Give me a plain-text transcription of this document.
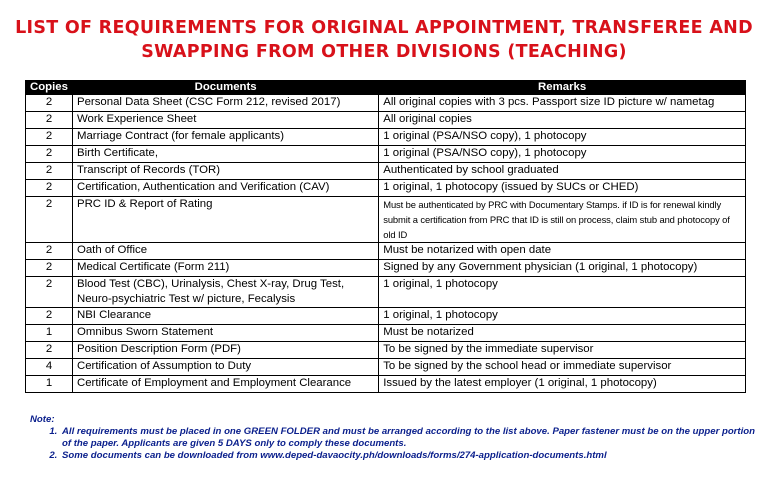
LIST OF REQUIREMENTS FOR ORIGINAL APPOINTMENT, TRANSFEREE AND
SWAPPING FROM OTHER DIVISIONS (TEACHING)
Copies	Documents	Remarks
2	Personal Data Sheet (CSC Form 212, revised 2017)	All original copies with 3 pcs. Passport size ID picture w/ nametag
2	Work Experience Sheet	All original copies
2	Marriage Contract (for female applicants)	1 original (PSA/NSO copy), 1 photocopy
2	Birth Certificate,	1 original (PSA/NSO copy), 1 photocopy
2	Transcript of Records (TOR)	Authenticated by school graduated
2	Certification, Authentication and Verification (CAV)	1 original, 1 photocopy (issued by SUCs or CHED)
2	PRC ID & Report of Rating	Must be authenticated by PRC with Documentary Stamps. if ID is for renewal kindly submit a certification from PRC that ID is still on process, claim stub and photocopy of old ID
2	Oath of Office	Must be notarized with open date
2	Medical Certificate (Form 211)	Signed by any Government physician (1 original, 1 photocopy)
2	Blood Test (CBC), Urinalysis, Chest X-ray, Drug Test, Neuro-psychiatric Test w/ picture, Fecalysis	1 original, 1 photocopy
2	NBI Clearance	1 original, 1 photocopy
1	Omnibus Sworn Statement	Must be notarized
2	Position Description Form (PDF)	To be signed by the immediate supervisor
4	Certification of Assumption to Duty	To be signed by the school head or immediate supervisor
1	Certificate of Employment and Employment Clearance	Issued by the latest employer (1 original, 1 photocopy)
Note:
1. All requirements must be placed in one GREEN FOLDER and must be arranged according to the list above. Paper fastener must be on the upper portion of the paper. Applicants are given 5 DAYS only to comply these documents.
2. Some documents can be downloaded from www.deped-davaocity.ph/downloads/forms/274-application-documents.html
